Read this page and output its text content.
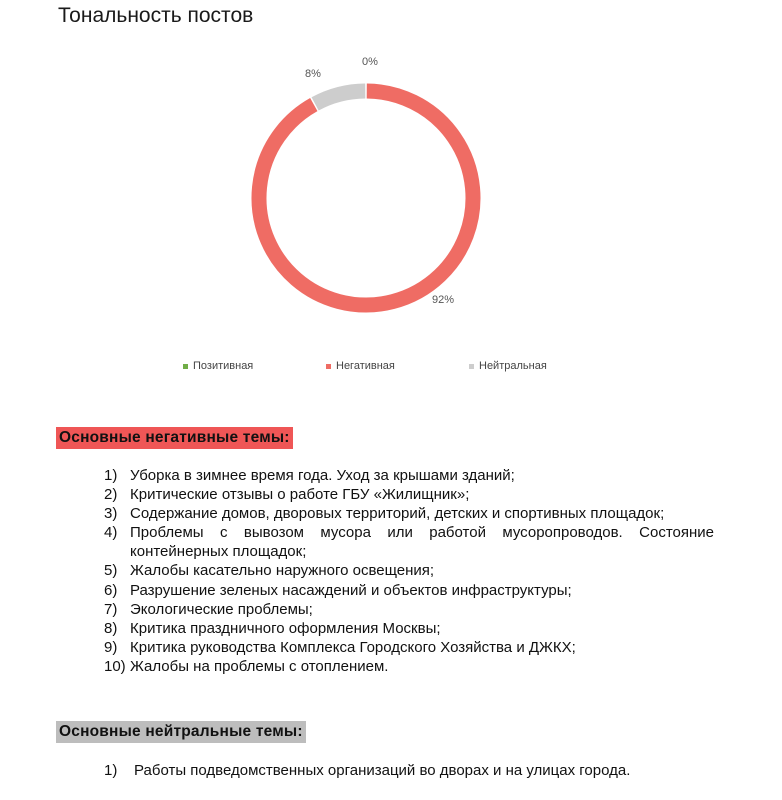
Тональность постов
0%
8%
92%
Позитивная	Негативная	Нейтральная
Основные негативные темы:
1) Уборка в зимнее время года. Уход за крышами зданий;
2) Критические отзывы о работе ГБУ «Жилищник»;
3) Содержание домов, дворовых территорий, детских и спортивных площадок;
4) Проблемы с вывозом мусора или работой мусоропроводов. Состояние контейнерных площадок;
5) Жалобы касательно наружного освещения;
6) Разрушение зеленых насаждений и объектов инфраструктуры;
7) Экологические проблемы;
8) Критика праздничного оформления Москвы;
9) Критика руководства Комплекса Городского Хозяйства и ДЖКХ;
10) Жалобы на проблемы с отоплением.
Основные нейтральные темы:
1)	Работы подведомственных организаций во дворах и на улицах города.
